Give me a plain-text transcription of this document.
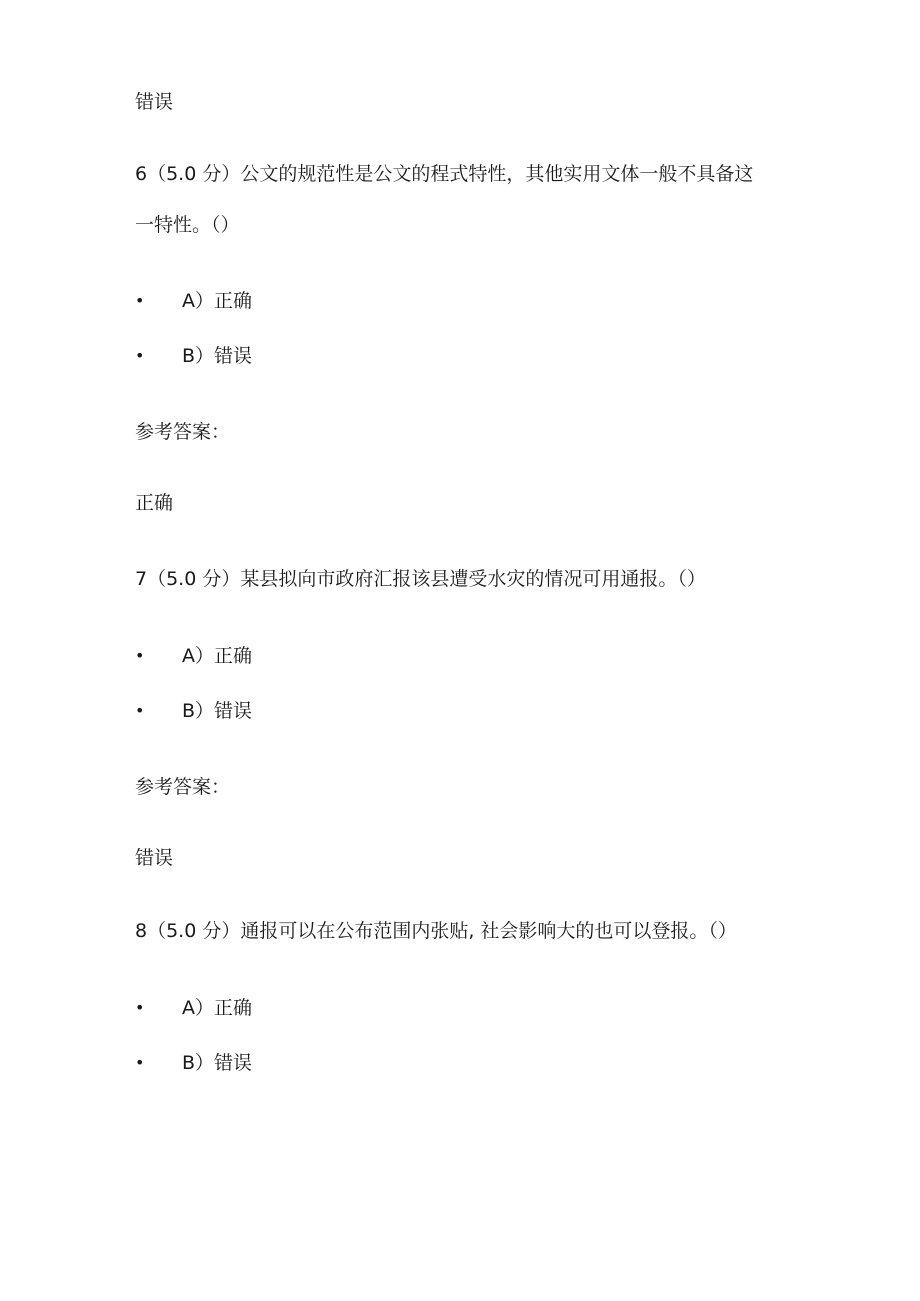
错误
6（5.0 分）公文的规范性是公文的程式特性，其他实用文体一般不具备这
一特性。（）
• A）正确
• B）错误
参考答案：
正确
7（5.0 分）某县拟向市政府汇报该县遭受水灾的情况可用通报。（）
• A）正确
• B）错误
参考答案：
错误
8（5.0 分）通报可以在公布范围内张贴, 社会影响大的也可以登报。（）
• A）正确
• B）错误
